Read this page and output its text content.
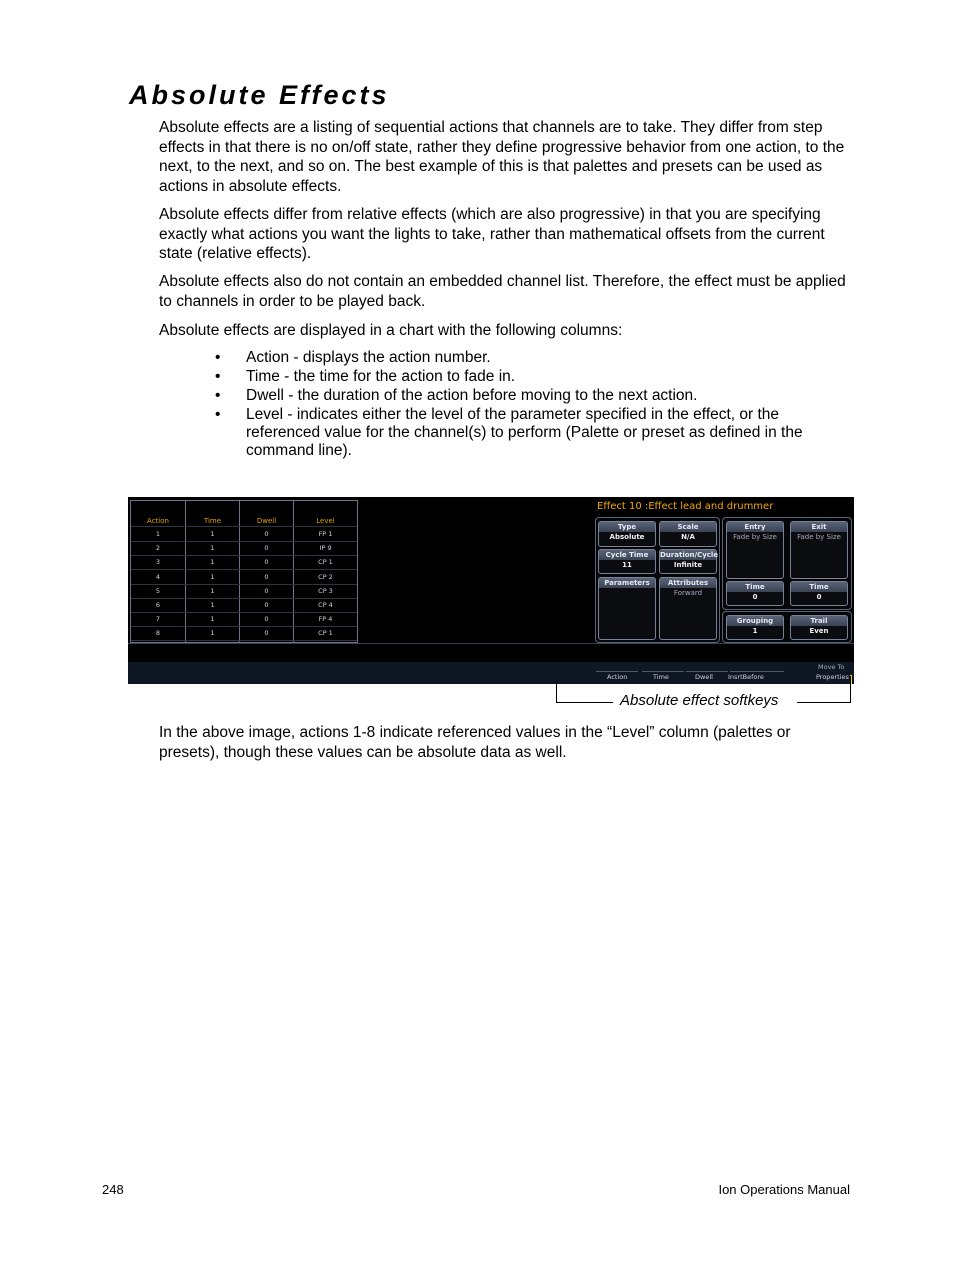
Absolute Effects

Absolute effects are a listing of sequential actions that channels are to take. They differ from step effects in that there is no on/off state, rather they define progressive behavior from one action, to the next, to the next, and so on. The best example of this is that palettes and presets can be used as actions in absolute effects.

Absolute effects differ from relative effects (which are also progressive) in that you are specifying exactly what actions you want the lights to take, rather than mathematical offsets from the current state (relative effects).

Absolute effects also do not contain an embedded channel list. Therefore, the effect must be applied to channels in order to be played back.

Absolute effects are displayed in a chart with the following columns:

• Action - displays the action number.
• Time - the time for the action to fade in.
• Dwell - the duration of the action before moving to the next action.
• Level - indicates either the level of the parameter specified in the effect, or the referenced value for the channel(s) to perform (Palette or preset as defined in the command line).
Action	Time	Dwell	Level
1	1	0	FP 1
2	1	0	IP 9
3	1	0	CP 1
4	1	0	CP 2
5	1	0	CP 3
6	1	0	CP 4
7	1	0	FP 4
8	1	0	CP 1
Effect 10 :Effect lead and drummer
Type
Absolute
Scale
N/A
Cycle Time
11
Duration/Cycle
Infinite
Parameters	Attributes
Forward
Entry
Fade by Size
Exit
Fade by Size
Time
0
Time
0
Grouping
1
Trail
Even
Action	Time	Dwell InsrtBefore
Move To
Properties
Absolute effect softkeys

In the above image, actions 1-8 indicate referenced values in the “Level” column (palettes or presets), though these values can be absolute data as well.

248	Ion Operations Manual
